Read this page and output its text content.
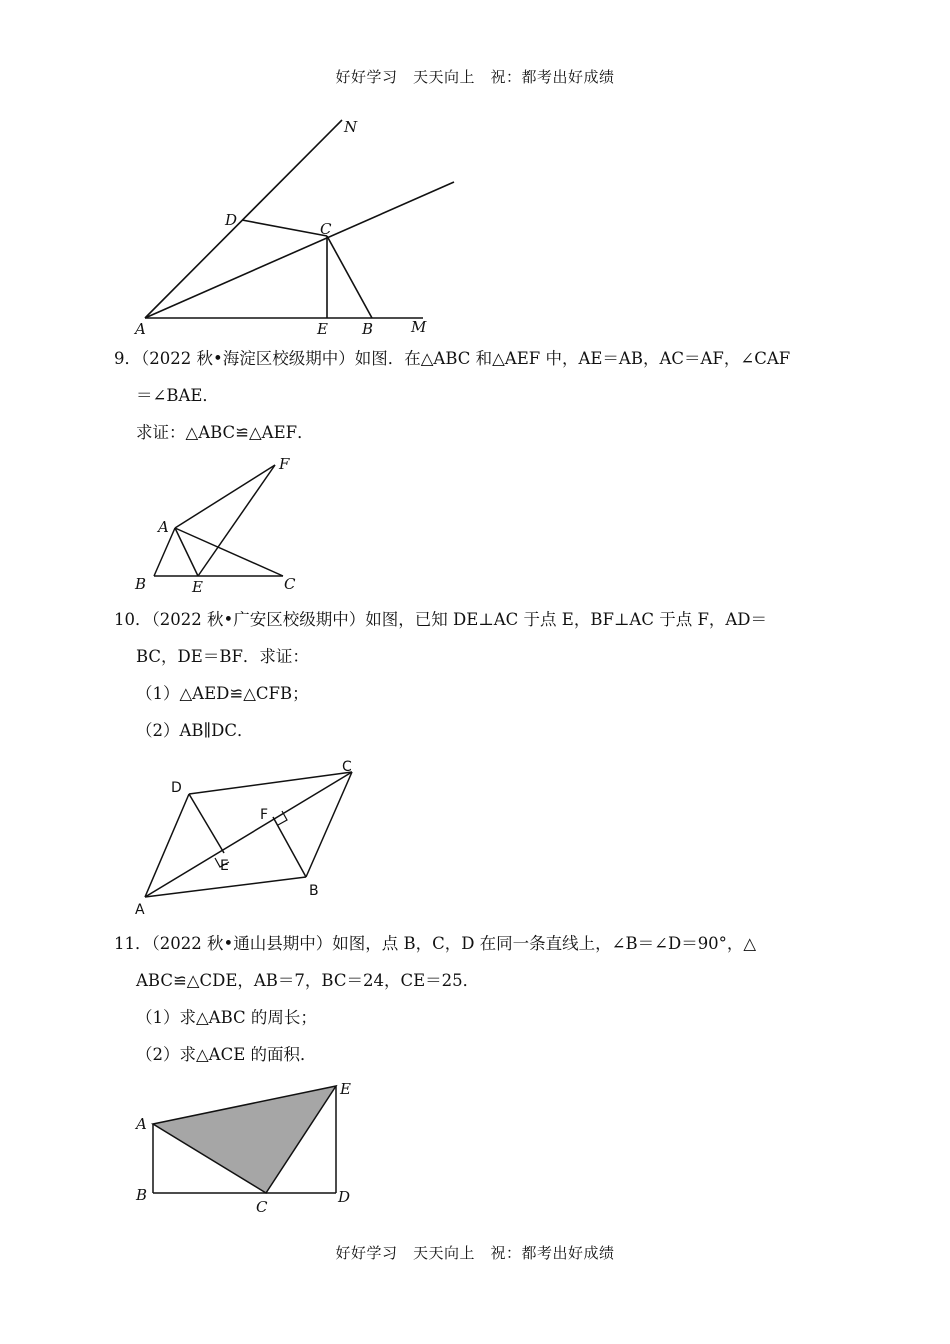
好好学习　天天向上　祝：都考出好成绩
N
D	C
A	E B	M
9．（2022 秋•海淀区校级期中）如图．在△ABC 和△AEF 中，AE＝AB，AC＝AF，∠CAF
＝∠BAE．
求证：△ABC≌△AEF．
F
A
B	E	C
10．（2022 秋•广安区校级期中）如图，已知 DE⊥AC 于点 E，BF⊥AC 于点 F，AD＝
BC，DE＝BF．求证：
（1）△AED≌△CFB；
（2）AB∥DC．
D
C
F
E
B
A
11．（2022 秋•通山县期中）如图，点 B，C，D 在同一条直线上，∠B＝∠D＝90°，△
ABC≌△CDE，AB＝7，BC＝24，CE＝25．
（1）求△ABC 的周长；
（2）求△ACE 的面积．
A
E
B
C
D
好好学习　天天向上　祝：都考出好成绩
